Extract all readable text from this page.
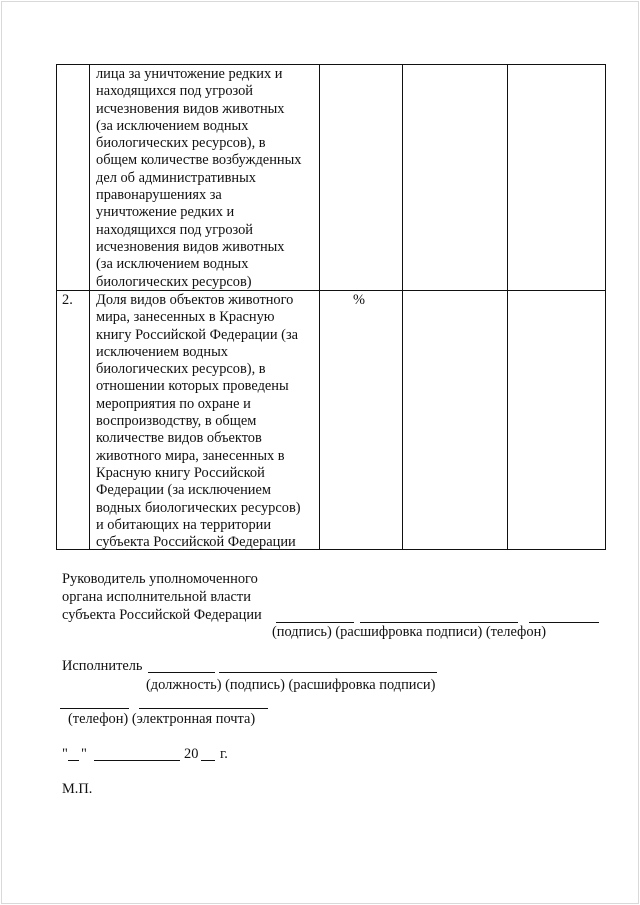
лица за уничтожение редких и
находящихся под угрозой
исчезновения видов животных
(за исключением водных
биологических ресурсов), в
общем количестве возбужденных
дел об административных
правонарушениях за
уничтожение редких и
находящихся под угрозой
исчезновения видов животных
(за исключением водных
биологических ресурсов)
2. Доля видов объектов животного
мира, занесенных в Красную
книгу Российской Федерации (за
исключением водных
биологических ресурсов), в
отношении которых проведены
мероприятия по охране и
воспроизводству, в общем
количестве видов объектов
животного мира, занесенных в
Красную книгу Российской
Федерации (за исключением
водных биологических ресурсов)
и обитающих на территории
субъекта Российской Федерации
%
Руководитель уполномоченного
органа исполнительной власти
субъекта Российской Федерации
(подпись) (расшифровка подписи) (телефон)
Исполнитель
(должность) (подпись) (расшифровка подписи)
(телефон) (электронная почта)
" "	20 г.
М.П.
